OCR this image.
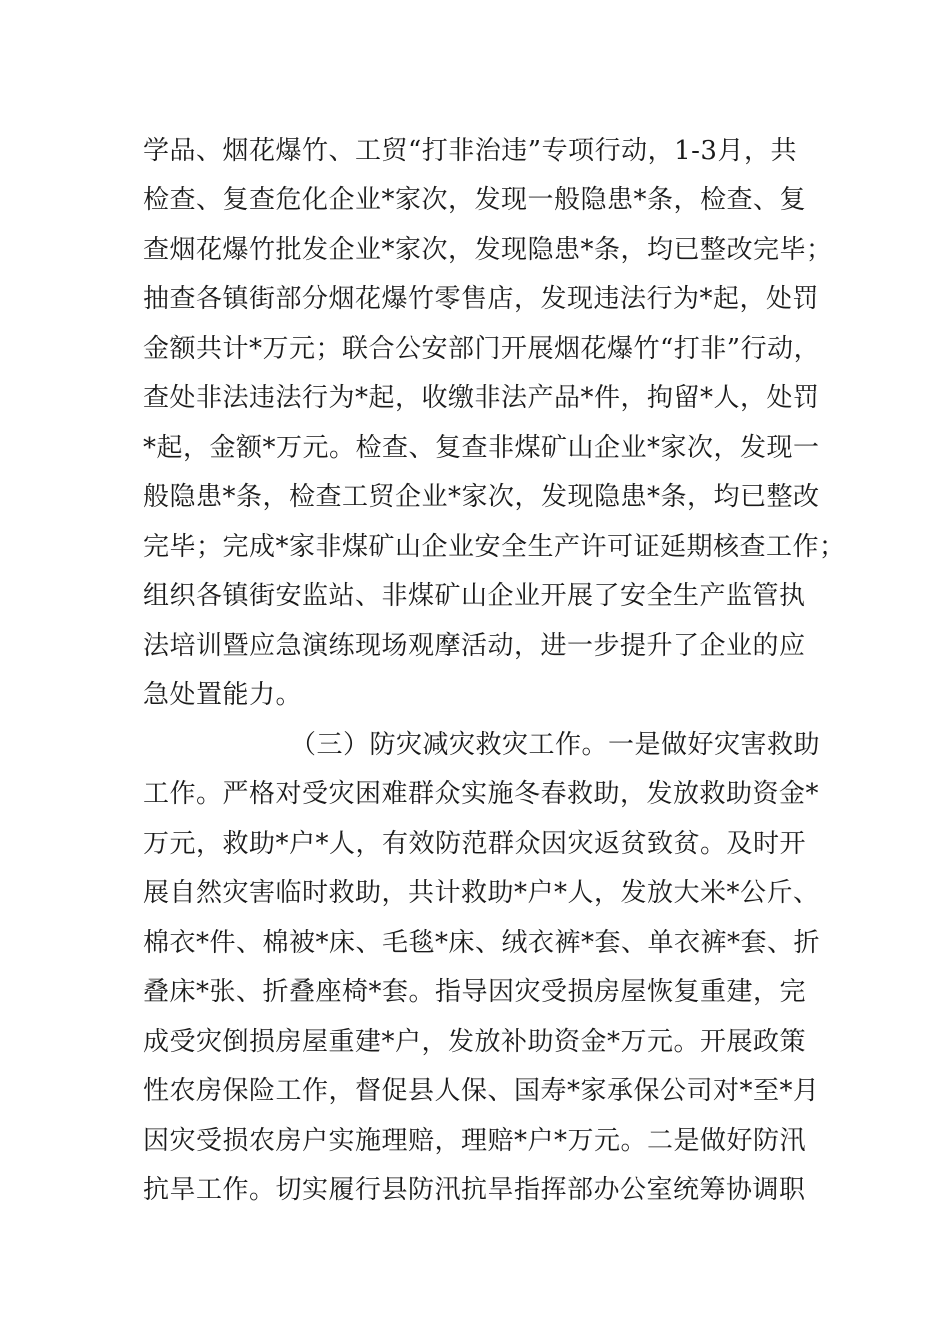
学品、烟花爆竹、工贸“打非治违”专项行动，1-3月，共
检查、复查危化企业*家次，发现一般隐患*条，检查、复
查烟花爆竹批发企业*家次，发现隐患*条，均已整改完毕；
抽查各镇街部分烟花爆竹零售店，发现违法行为*起，处罚
金额共计*万元；联合公安部门开展烟花爆竹“打非”行动，
查处非法违法行为*起，收缴非法产品*件，拘留*人，处罚
*起，金额*万元。检查、复查非煤矿山企业*家次，发现一
般隐患*条，检查工贸企业*家次，发现隐患*条，均已整改
完毕；完成*家非煤矿山企业安全生产许可证延期核查工作；
组织各镇街安监站、非煤矿山企业开展了安全生产监管执
法培训暨应急演练现场观摩活动，进一步提升了企业的应
急处置能力。
（三）防灾减灾救灾工作。一是做好灾害救助
工作。严格对受灾困难群众实施冬春救助，发放救助资金*
万元，救助*户*人，有效防范群众因灾返贫致贫。及时开
展自然灾害临时救助，共计救助*户*人，发放大米*公斤、
棉衣*件、棉被*床、毛毯*床、绒衣裤*套、单衣裤*套、折
叠床*张、折叠座椅*套。指导因灾受损房屋恢复重建，完
成受灾倒损房屋重建*户，发放补助资金*万元。开展政策
性农房保险工作，督促县人保、国寿*家承保公司对*至*月
因灾受损农房户实施理赔，理赔*户*万元。二是做好防汛
抗旱工作。切实履行县防汛抗旱指挥部办公室统筹协调职
